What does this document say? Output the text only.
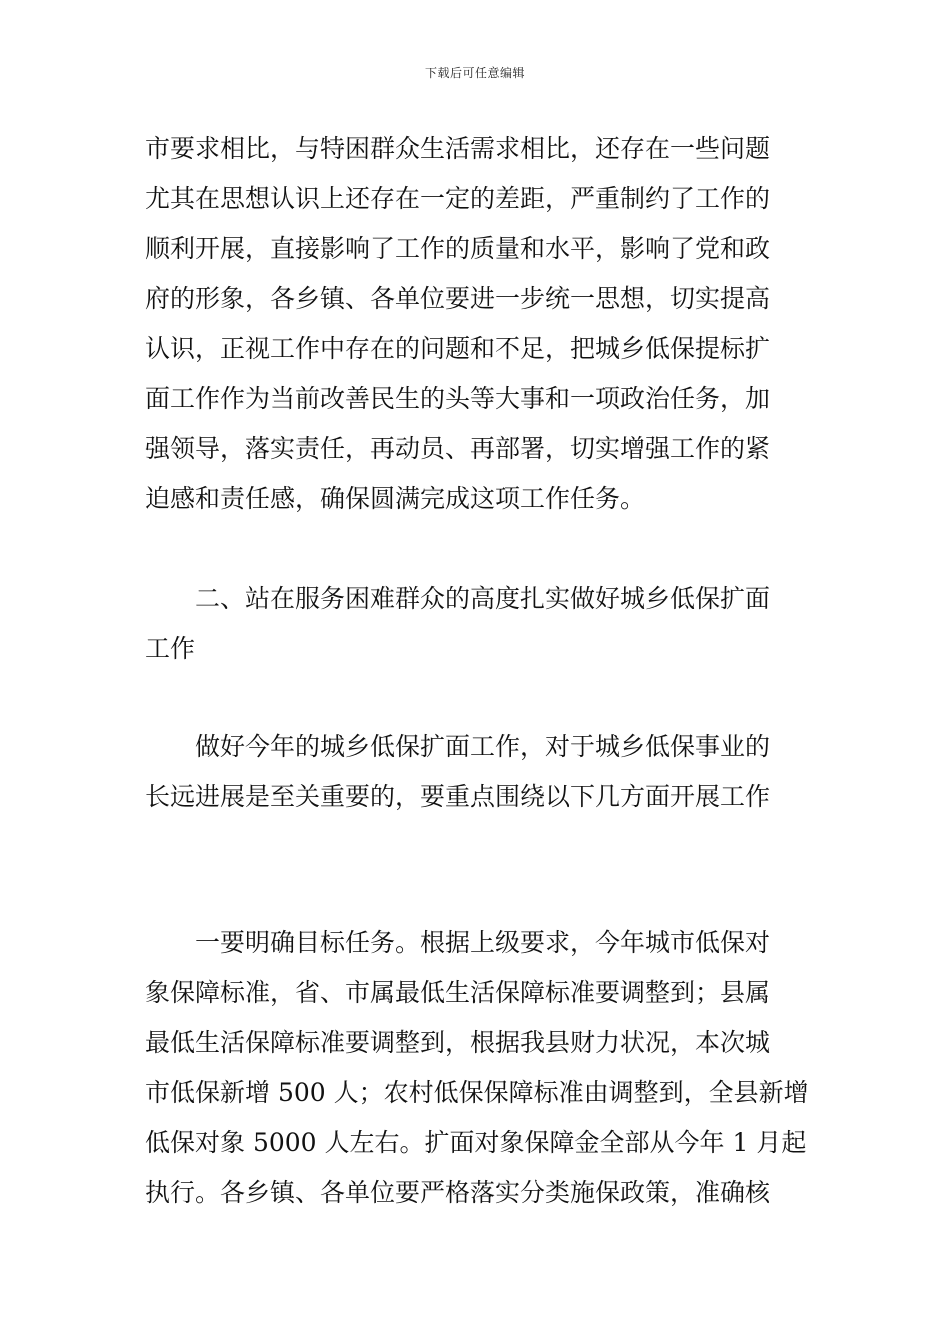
下载后可任意编辑
市要求相比，与特困群众生活需求相比，还存在一些问题
尤其在思想认识上还存在一定的差距，严重制约了工作的
顺利开展，直接影响了工作的质量和水平，影响了党和政
府的形象，各乡镇、各单位要进一步统一思想，切实提高
认识，正视工作中存在的问题和不足，把城乡低保提标扩
面工作作为当前改善民生的头等大事和一项政治任务，加
强领导，落实责任，再动员、再部署，切实增强工作的紧
迫感和责任感，确保圆满完成这项工作任务。
二、站在服务困难群众的高度扎实做好城乡低保扩面
工作
做好今年的城乡低保扩面工作，对于城乡低保事业的
长远进展是至关重要的，要重点围绕以下几方面开展工作
一要明确目标任务。根据上级要求，今年城市低保对
象保障标准，省、市属最低生活保障标准要调整到；县属
最低生活保障标准要调整到，根据我县财力状况，本次城
市低保新增 500 人；农村低保保障标准由调整到，全县新增
低保对象 5000 人左右。扩面对象保障金全部从今年 1 月起
执行。各乡镇、各单位要严格落实分类施保政策，准确核
